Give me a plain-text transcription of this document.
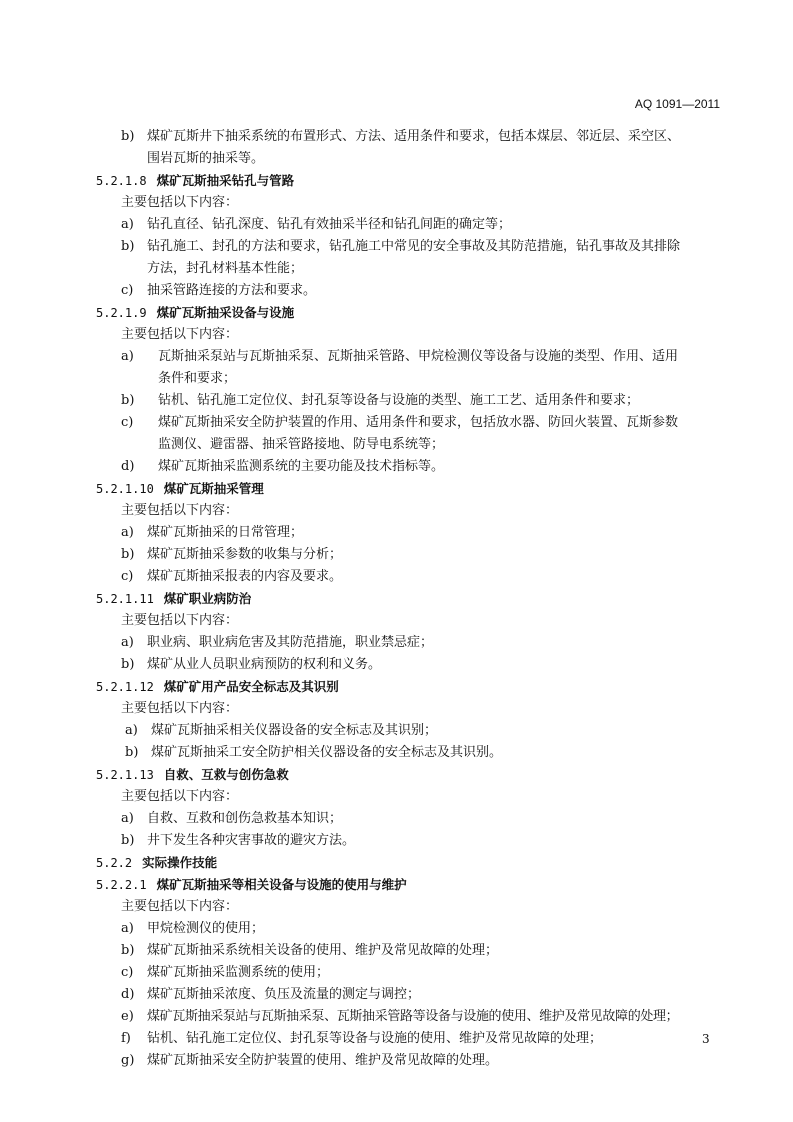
AQ 1091—2011
b) 煤矿瓦斯井下抽采系统的布置形式、方法、适用条件和要求，包括本煤层、邻近层、采空区、
围岩瓦斯的抽采等。
5.2.1.8 煤矿瓦斯抽采钻孔与管路
主要包括以下内容：
a) 钻孔直径、钻孔深度、钻孔有效抽采半径和钻孔间距的确定等；
b) 钻孔施工、封孔的方法和要求，钻孔施工中常见的安全事故及其防范措施，钻孔事故及其排除
方法，封孔材料基本性能；
c) 抽采管路连接的方法和要求。
5.2.1.9 煤矿瓦斯抽采设备与设施
主要包括以下内容：
a) 瓦斯抽采泵站与瓦斯抽采泵、瓦斯抽采管路、甲烷检测仪等设备与设施的类型、作用、适用
条件和要求；
b) 钻机、钻孔施工定位仪、封孔泵等设备与设施的类型、施工工艺、适用条件和要求；
c) 煤矿瓦斯抽采安全防护装置的作用、适用条件和要求，包括放水器、防回火装置、瓦斯参数
监测仪、避雷器、抽采管路接地、防导电系统等；
d) 煤矿瓦斯抽采监测系统的主要功能及技术指标等。
5.2.1.10 煤矿瓦斯抽采管理
主要包括以下内容：
a) 煤矿瓦斯抽采的日常管理；
b) 煤矿瓦斯抽采参数的收集与分析；
c) 煤矿瓦斯抽采报表的内容及要求。
5.2.1.11 煤矿职业病防治
主要包括以下内容：
a) 职业病、职业病危害及其防范措施，职业禁忌症；
b) 煤矿从业人员职业病预防的权利和义务。
5.2.1.12 煤矿矿用产品安全标志及其识别
主要包括以下内容：
a) 煤矿瓦斯抽采相关仪器设备的安全标志及其识别；
b) 煤矿瓦斯抽采工安全防护相关仪器设备的安全标志及其识别。
5.2.1.13 自救、互救与创伤急救
主要包括以下内容：
a) 自救、互救和创伤急救基本知识；
b) 井下发生各种灾害事故的避灾方法。
5.2.2 实际操作技能
5.2.2.1 煤矿瓦斯抽采等相关设备与设施的使用与维护
主要包括以下内容：
a) 甲烷检测仪的使用；
b) 煤矿瓦斯抽采系统相关设备的使用、维护及常见故障的处理；
c) 煤矿瓦斯抽采监测系统的使用；
d) 煤矿瓦斯抽采浓度、负压及流量的测定与调控；
e) 煤矿瓦斯抽采泵站与瓦斯抽采泵、瓦斯抽采管路等设备与设施的使用、维护及常见故障的处理；
f) 钻机、钻孔施工定位仪、封孔泵等设备与设施的使用、维护及常见故障的处理；
g) 煤矿瓦斯抽采安全防护装置的使用、维护及常见故障的处理。
3
